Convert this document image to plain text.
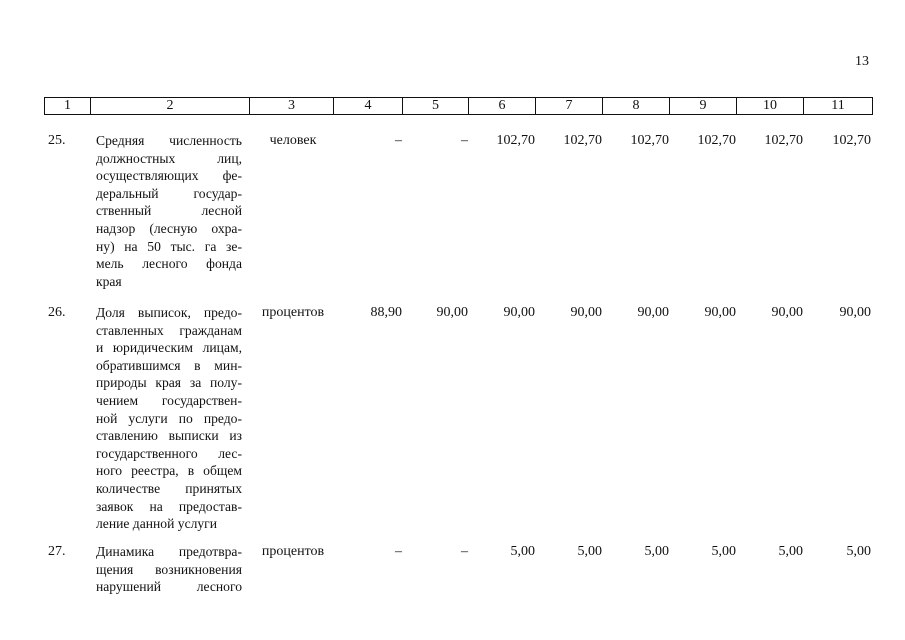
13
1	2	3	4	5	6	7	8	9	10	11
25.	Средняя численность
должностных лиц,
осуществляющих фе-
деральный государ-
ственный лесной
надзор (лесную охра-
ну) на 50 тыс. га зе-
мель лесного фонда
края
человек	–	–	102,70	102,70	102,70	102,70	102,70	102,70
26.	Доля выписок, предо-
ставленных гражданам
и юридическим лицам,
обратившимся в мин-
природы края за полу-
чением государствен-
ной услуги по предо-
ставлению выписки из
государственного лес-
ного реестра, в общем
количестве принятых
заявок на предостав-
ление данной услуги
процентов	88,90	90,00	90,00	90,00	90,00	90,00	90,00	90,00
27.	Динамика предотвра-
щения возникновения
нарушений лесного
процентов	–	–	5,00	5,00	5,00	5,00	5,00	5,00
